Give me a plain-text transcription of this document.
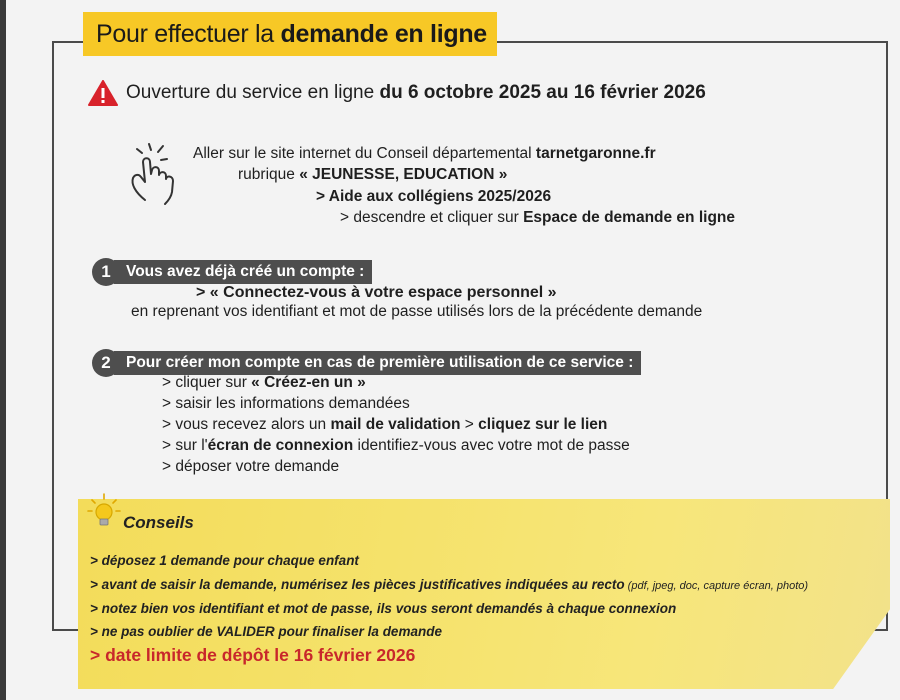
Pour effectuer la demande en ligne
Ouverture du service en ligne du 6 octobre 2025 au 16 février 2026
Aller sur le site internet du Conseil départemental tarnetgaronne.fr
rubrique « JEUNESSE, EDUCATION »
> Aide aux collégiens 2025/2026
> descendre et cliquer sur Espace de demande en ligne
Vous avez déjà créé un compte :
1
> « Connectez-vous à votre espace personnel »
en reprenant vos identifiant et mot de passe utilisés lors de la précédente demande
Pour créer mon compte en cas de première utilisation de ce service :
2
> cliquer sur « Créez-en un »
> saisir les informations demandées
> vous recevez alors un mail de validation > cliquez sur le lien
> sur l'écran de connexion identifiez-vous avec votre mot de passe
> déposer votre demande
Conseils
> déposez 1 demande pour chaque enfant
> avant de saisir la demande, numérisez les pièces justificatives indiquées au recto (pdf, jpeg, doc, capture écran, photo)
> notez bien vos identifiant et mot de passe, ils vous seront demandés à chaque connexion
> ne pas oublier de VALIDER pour finaliser la demande
> date limite de dépôt le 16 février 2026
